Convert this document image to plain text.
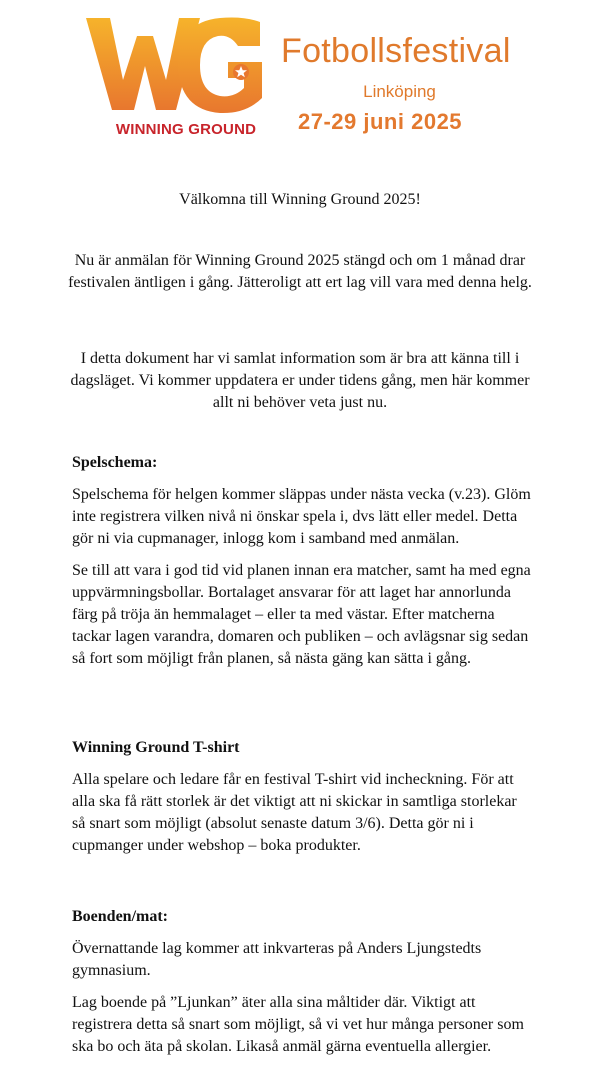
WINNING GROUND
Fotbollsfestival
Linköping
27-29 juni 2025

Välkomna till Winning Ground 2025!

Nu är anmälan för Winning Ground 2025 stängd och om 1 månad drar festivalen äntligen i gång. Jätteroligt att ert lag vill vara med denna helg.

I detta dokument har vi samlat information som är bra att känna till i dagsläget. Vi kommer uppdatera er under tidens gång, men här kommer allt ni behöver veta just nu.

Spelschema:

Spelschema för helgen kommer släppas under nästa vecka (v.23). Glöm inte registrera vilken nivå ni önskar spela i, dvs lätt eller medel. Detta gör ni via cupmanager, inlogg kom i samband med anmälan.

Se till att vara i god tid vid planen innan era matcher, samt ha med egna uppvärmningsbollar. Bortalaget ansvarar för att laget har annorlunda färg på tröja än hemmalaget – eller ta med västar. Efter matcherna tackar lagen varandra, domaren och publiken – och avlägsnar sig sedan så fort som möjligt från planen, så nästa gäng kan sätta i gång.

Winning Ground T-shirt

Alla spelare och ledare får en festival T-shirt vid incheckning. För att alla ska få rätt storlek är det viktigt att ni skickar in samtliga storlekar så snart som möjligt (absolut senaste datum 3/6). Detta gör ni i cupmanger under webshop – boka produkter.

Boenden/mat:

Övernattande lag kommer att inkvarteras på Anders Ljungstedts gymnasium.

Lag boende på ”Ljunkan” äter alla sina måltider där. Viktigt att registrera detta så snart som möjligt, så vi vet hur många personer som ska bo och äta på skolan. Likaså anmäl gärna eventuella allergier.
